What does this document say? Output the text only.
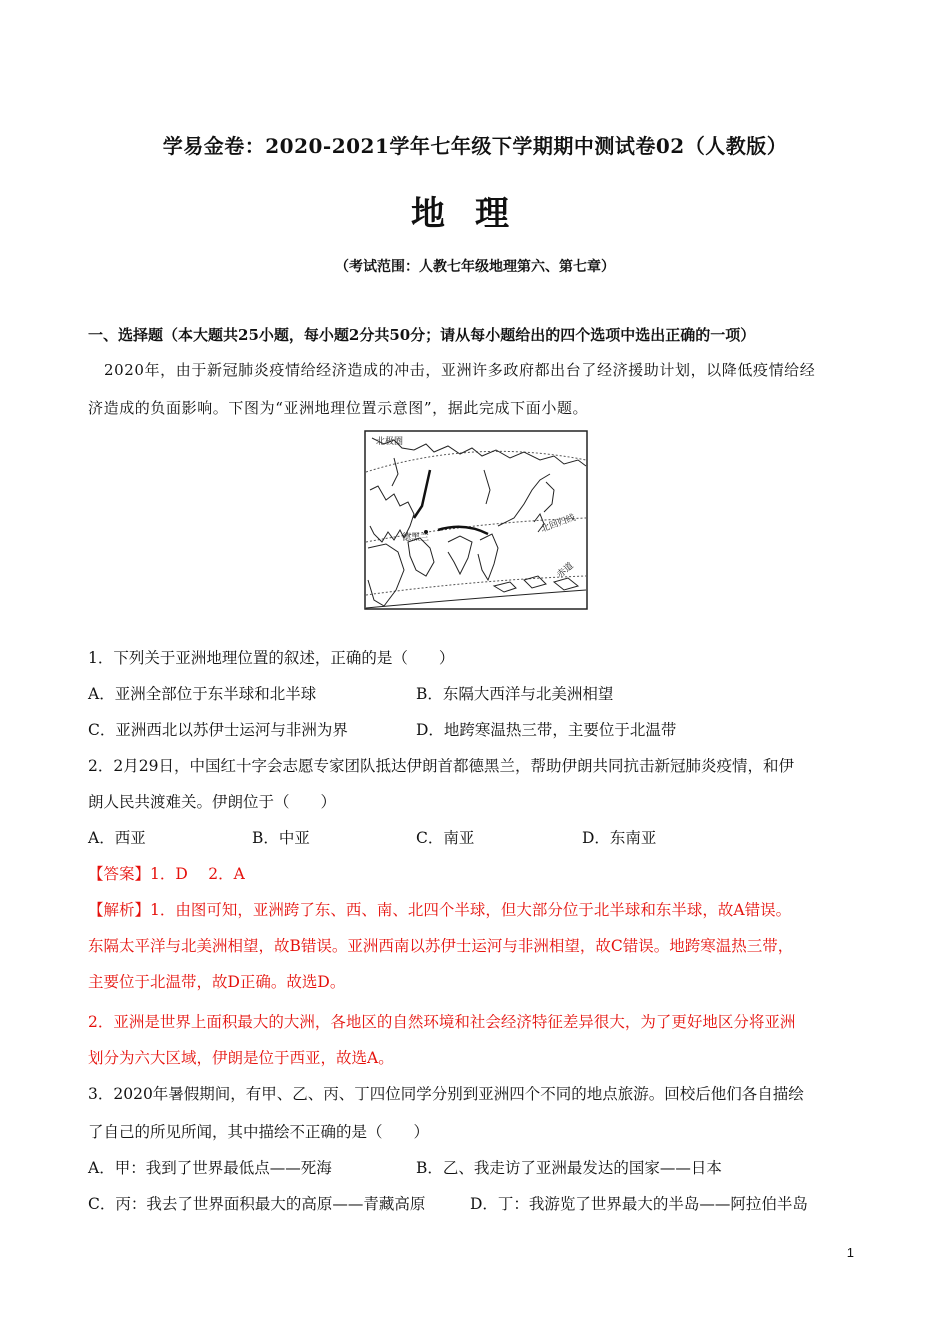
学易金卷：2020-2021学年七年级下学期期中测试卷02（人教版）
地理
（考试范围：人教七年级地理第六、第七章）
一、选择题（本大题共25小题，每小题2分共50分；请从每小题给出的四个选项中选出正确的一项）
2020年，由于新冠肺炎疫情给经济造成的冲击，亚洲许多政府都出台了经济援助计划，以降低疫情给经
济造成的负面影响。下图为“亚洲地理位置示意图”，据此完成下面小题。
北极圈
德黑兰
北回归线
赤道
1．下列关于亚洲地理位置的叙述，正确的是（　　）
A．亚洲全部位于东半球和北半球	B．东隔大西洋与北美洲相望
C．亚洲西北以苏伊士运河与非洲为界	D．地跨寒温热三带，主要位于北温带
2．2月29日，中国红十字会志愿专家团队抵达伊朗首都德黑兰，帮助伊朗共同抗击新冠肺炎疫情，和伊
朗人民共渡难关。伊朗位于（　　）
A．西亚	B．中亚	C．南亚	D．东南亚
【答案】1．D　 2．A
【解析】1．由图可知，亚洲跨了东、西、南、北四个半球，但大部分位于北半球和东半球，故A错误。
东隔太平洋与北美洲相望，故B错误。亚洲西南以苏伊士运河与非洲相望，故C错误。地跨寒温热三带，
主要位于北温带，故D正确。故选D。
2．亚洲是世界上面积最大的大洲，各地区的自然环境和社会经济特征差异很大，为了更好地区分将亚洲
划分为六大区域，伊朗是位于西亚，故选A。
3．2020年暑假期间，有甲、乙、丙、丁四位同学分别到亚洲四个不同的地点旅游。回校后他们各自描绘
了自己的所见所闻，其中描绘不正确的是（　　）
A．甲：我到了世界最低点——死海	B．乙、我走访了亚洲最发达的国家——日本
C．丙：我去了世界面积最大的高原——青藏高原	D．丁：我游览了世界最大的半岛——阿拉伯半岛
1
